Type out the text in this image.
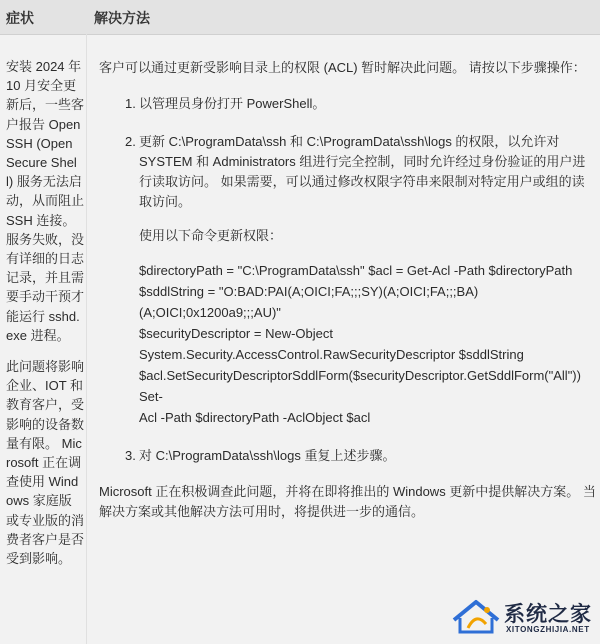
症状	解决方法

安装 2024 年 10 月安全更新后，一些客户报告 OpenSSH (Open Secure Shell) 服务无法启动，从而阻止 SSH 连接。 服务失败，没有详细的日志记录，并且需要手动干预才能运行 sshd.exe 进程。

此问题将影响企业、IOT 和教育客户，受影响的设备数量有限。 Microsoft 正在调查使用 Windows 家庭版或专业版的消费者客户是否受到影响。

客户可以通过更新受影响目录上的权限 (ACL) 暂时解决此问题。 请按以下步骤操作：

1. 以管理员身份打开 PowerShell。

2. 更新 C:\ProgramData\ssh 和 C:\ProgramData\ssh\logs 的权限，以允许对 SYSTEM 和 Administrators 组进行完全控制，同时允许经过身份验证的用户进行读取访问。 如果需要，可以通过修改权限字符串来限制对特定用户或组的读取访问。

使用以下命令更新权限：

$directoryPath = "C:\ProgramData\ssh" $acl = Get-Acl -Path $directoryPath
$sddlString = "O:BAD:PAI(A;OICI;FA;;;SY)(A;OICI;FA;;;BA)(A;OICI;0x1200a9;;;AU)"
$securityDescriptor = New-Object
System.Security.AccessControl.RawSecurityDescriptor $sddlString
$acl.SetSecurityDescriptorSddlForm($securityDescriptor.GetSddlForm("All")) Set-
Acl -Path $directoryPath -AclObject $acl
3. 对 C:\ProgramData\ssh\logs 重复上述步骤。

Microsoft 正在积极调查此问题，并将在即将推出的 Windows 更新中提供解决方案。 当解决方案或其他解决方法可用时，将提供进一步的通信。

系统之家
XITONGZHIJIA.NET
